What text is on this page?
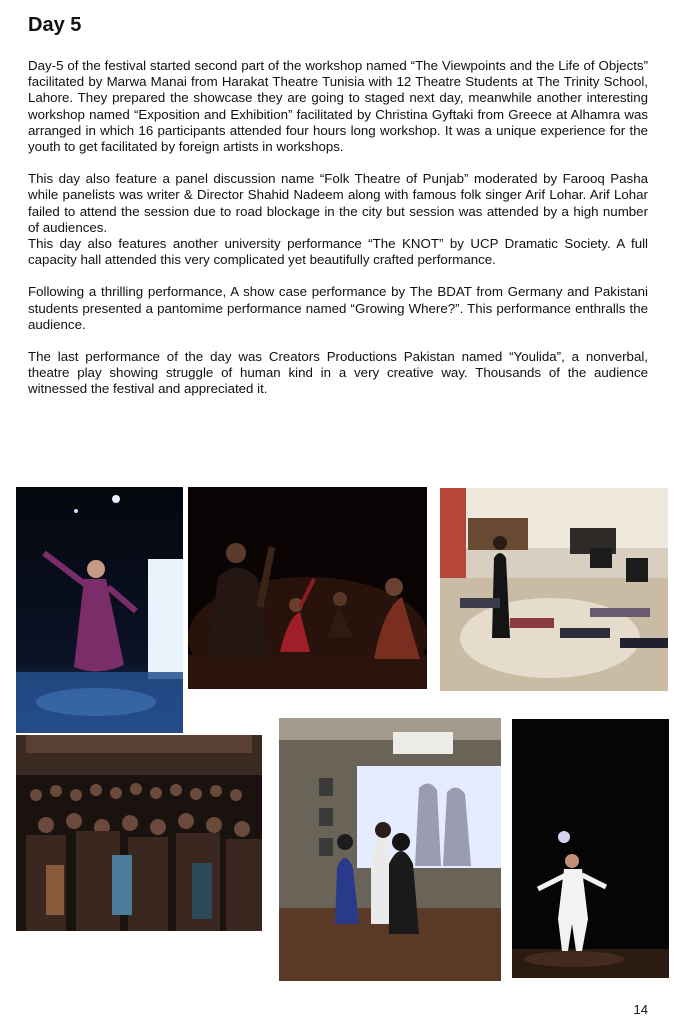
Day 5

Day-5 of the festival started second part of the workshop named “The Viewpoints and the Life of Objects” facilitated by Marwa Manai from Harakat Theatre Tunisia with 12 Theatre Students at The Trinity School, Lahore. They prepared the showcase they are going to staged next day, meanwhile another interesting workshop named “Exposition and Exhibition” facilitated by Christina Gyftaki from Greece at Alhamra was arranged in which 16 participants attended four hours long workshop. It was a unique experience for the youth to get facilitated by foreign artists in workshops.

This day also feature a panel discussion name “Folk Theatre of Punjab” moderated by Farooq Pasha while panelists was writer & Director Shahid Nadeem along with famous folk singer Arif Lohar. Arif Lohar failed to attend the session due to road blockage in the city but session was attended by a high number of audiences.

This day also features another university performance “The KNOT” by UCP Dramatic Society. A full capacity hall attended this very complicated yet beautifully crafted performance.

Following a thrilling performance, A show case performance by The BDAT from Germany and Pakistani students presented a pantomime performance named “Growing Where?”. This performance enthralls the audience.

The last performance of the day was Creators Productions Pakistan named “Youlida”, a nonverbal, theatre play showing struggle of human kind in a very creative way. Thousands of the audience witnessed the festival and appreciated it.

14
